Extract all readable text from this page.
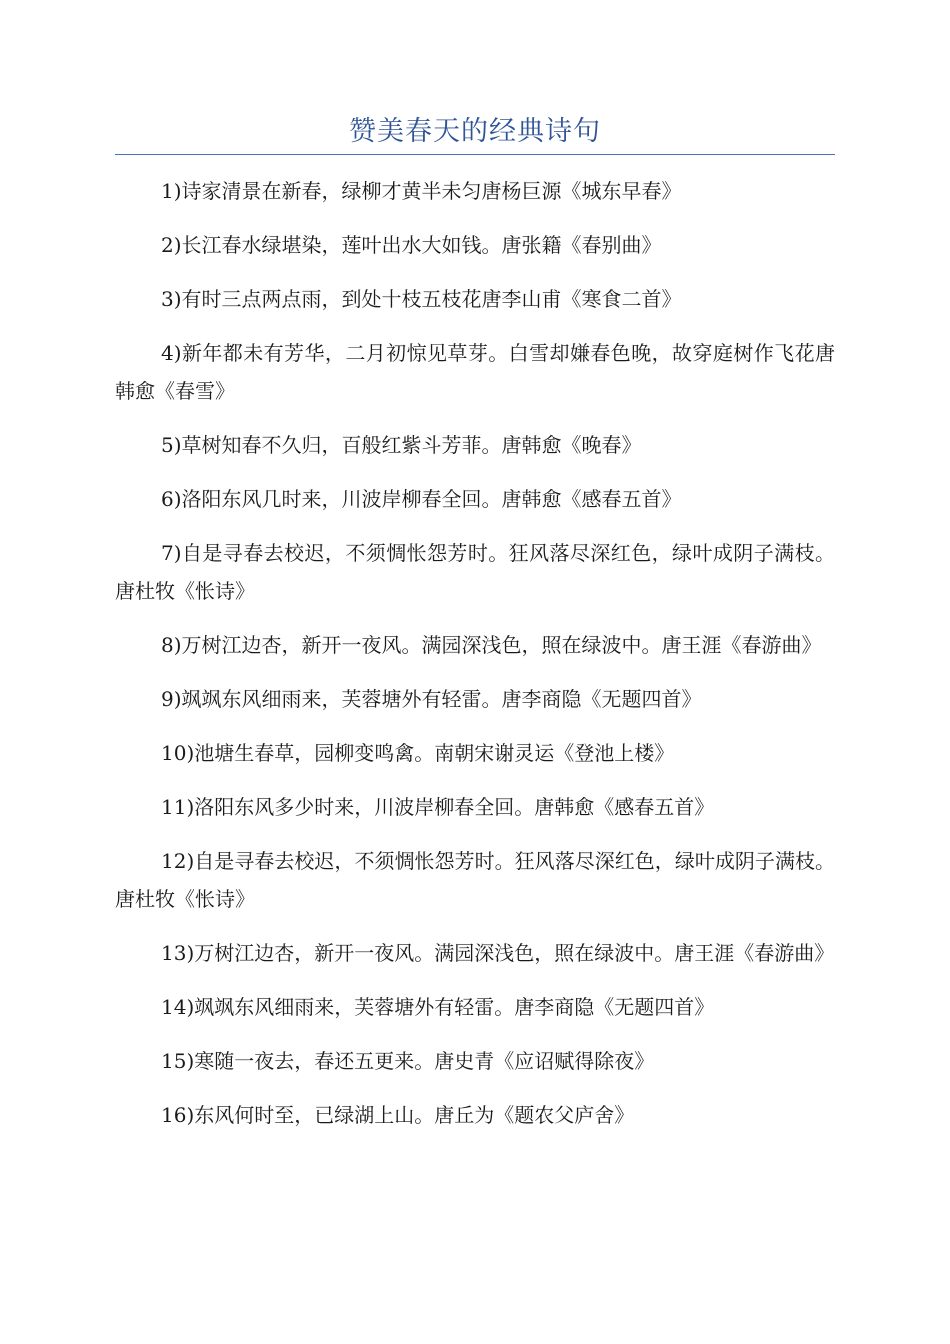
赞美春天的经典诗句

1)诗家清景在新春，绿柳才黄半未匀唐杨巨源《城东早春》

2)长江春水绿堪染，莲叶出水大如钱。唐张籍《春别曲》

3)有时三点两点雨，到处十枝五枝花唐李山甫《寒食二首》

4)新年都未有芳华，二月初惊见草芽。白雪却嫌春色晚，故穿庭树作飞花唐韩愈《春雪》

5)草树知春不久归，百般红紫斗芳菲。唐韩愈《晚春》

6)洛阳东风几时来，川波岸柳春全回。唐韩愈《感春五首》

7)自是寻春去校迟，不须惆怅怨芳时。狂风落尽深红色，绿叶成阴子满枝。唐杜牧《怅诗》

8)万树江边杏，新开一夜风。满园深浅色，照在绿波中。唐王涯《春游曲》

9)飒飒东风细雨来，芙蓉塘外有轻雷。唐李商隐《无题四首》

10)池塘生春草，园柳变鸣禽。南朝宋谢灵运《登池上楼》

11)洛阳东风多少时来，川波岸柳春全回。唐韩愈《感春五首》

12)自是寻春去校迟，不须惆怅怨芳时。狂风落尽深红色，绿叶成阴子满枝。唐杜牧《怅诗》

13)万树江边杏，新开一夜风。满园深浅色，照在绿波中。唐王涯《春游曲》

14)飒飒东风细雨来，芙蓉塘外有轻雷。唐李商隐《无题四首》

15)寒随一夜去，春还五更来。唐史青《应诏赋得除夜》

16)东风何时至，已绿湖上山。唐丘为《题农父庐舍》
